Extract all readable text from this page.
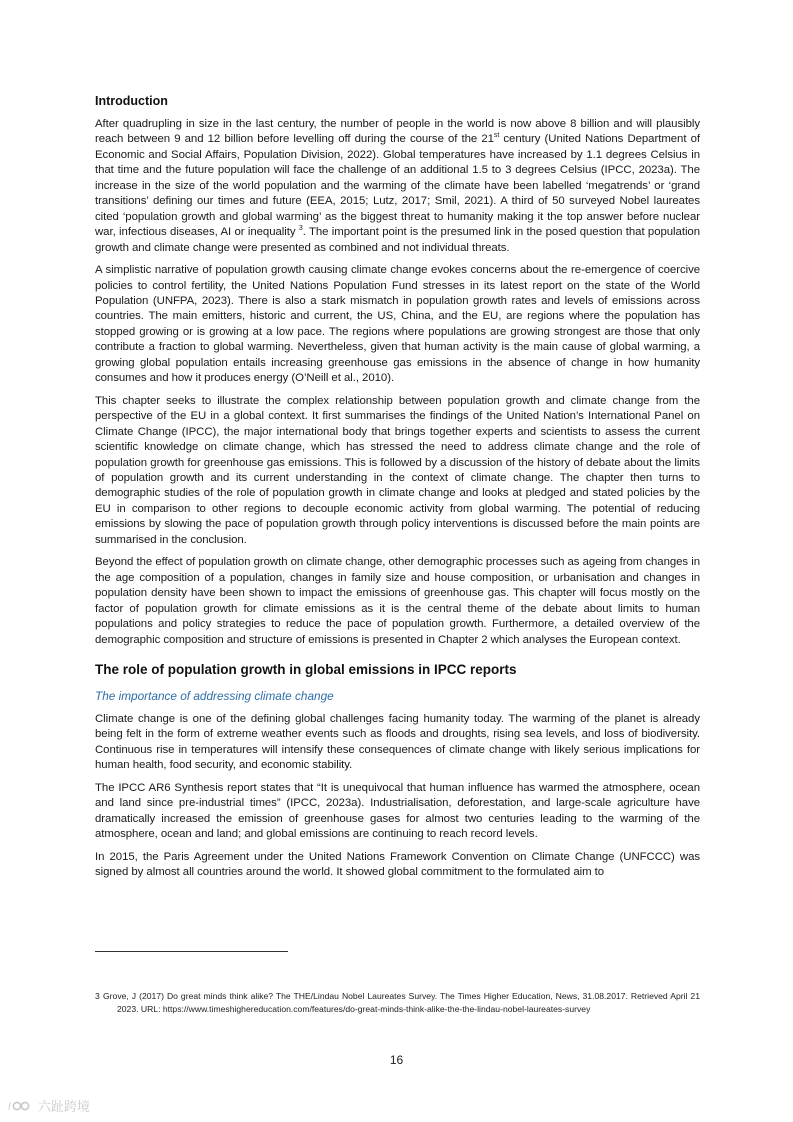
Introduction

After quadrupling in size in the last century, the number of people in the world is now above 8 billion and will plausibly reach between 9 and 12 billion before levelling off during the course of the 21st century (United Nations Department of Economic and Social Affairs, Population Division, 2022). Global temperatures have increased by 1.1 degrees Celsius in that time and the future population will face the challenge of an additional 1.5 to 3 degrees Celsius (IPCC, 2023a). The increase in the size of the world population and the warming of the climate have been labelled ‘megatrends’ or ‘grand transitions’ defining our times and future (EEA, 2015; Lutz, 2017; Smil, 2021). A third of 50 surveyed Nobel laureates cited ‘population growth and global warming’ as the biggest threat to humanity making it the top answer before nuclear war, infectious diseases, AI or inequality $^3$. The important point is the presumed link in the posed question that population growth and climate change were presented as combined and not individual threats.

A simplistic narrative of population growth causing climate change evokes concerns about the re-emergence of coercive policies to control fertility, the United Nations Population Fund stresses in its latest report on the state of the World Population (UNFPA, 2023). There is also a stark mismatch in population growth rates and levels of emissions across countries. The main emitters, historic and current, the US, China, and the EU, are regions where the population has stopped growing or is growing at a low pace. The regions where populations are growing strongest are those that only contribute a fraction to global warming. Nevertheless, given that human activity is the main cause of global warming, a growing global population entails increasing greenhouse gas emissions in the absence of change in how humanity consumes and how it produces energy (O’Neill et al., 2010).

This chapter seeks to illustrate the complex relationship between population growth and climate change from the perspective of the EU in a global context. It first summarises the findings of the United Nation’s International Panel on Climate Change (IPCC), the major international body that brings together experts and scientists to assess the current scientific knowledge on climate change, which has stressed the need to address climate change and the role of population growth for greenhouse gas emissions. This is followed by a discussion of the history of debate about the limits of population growth and its current understanding in the context of climate change. The chapter then turns to demographic studies of the role of population growth in climate change and looks at pledged and stated policies by the EU in comparison to other regions to decouple economic activity from global warming. The potential of reducing emissions by slowing the pace of population growth through policy interventions is discussed before the main points are summarised in the conclusion.

Beyond the effect of population growth on climate change, other demographic processes such as ageing from changes in the age composition of a population, changes in family size and house composition, or urbanisation and changes in population density have been shown to impact the emissions of greenhouse gas. This chapter will focus mostly on the factor of population growth for climate emissions as it is the central theme of the debate about limits to human populations and policy strategies to reduce the pace of population growth. Furthermore, a detailed overview of the demographic composition and structure of emissions is presented in Chapter 2 which analyses the European context.

The role of population growth in global emissions in IPCC reports
The importance of addressing climate change

Climate change is one of the defining global challenges facing humanity today. The warming of the planet is already being felt in the form of extreme weather events such as floods and droughts, rising sea levels, and loss of biodiversity. Continuous rise in temperatures will intensify these consequences of climate change with likely serious implications for human health, food security, and economic stability.

The IPCC AR6 Synthesis report states that “It is unequivocal that human influence has warmed the atmosphere, ocean and land since pre-industrial times” (IPCC, 2023a). Industrialisation, deforestation, and large-scale agriculture have dramatically increased the emission of greenhouse gases for almost two centuries leading to the warming of the atmosphere, ocean and land; and global emissions are continuing to reach record levels.

In 2015, the Paris Agreement under the United Nations Framework Convention on Climate Change (UNFCCC) was signed by almost all countries around the world. It showed global commitment to the formulated aim to

3 Grove, J (2017) Do great minds think alike? The THE/Lindau Nobel Laureates Survey. The Times Higher Education, News, 31.08.2017. Retrieved April 21 2023. URL: https://www.timeshighereducation.com/features/do-great-minds-think-alike-the-the-lindau-nobel-laureates-survey
16
l 六趾跨境
